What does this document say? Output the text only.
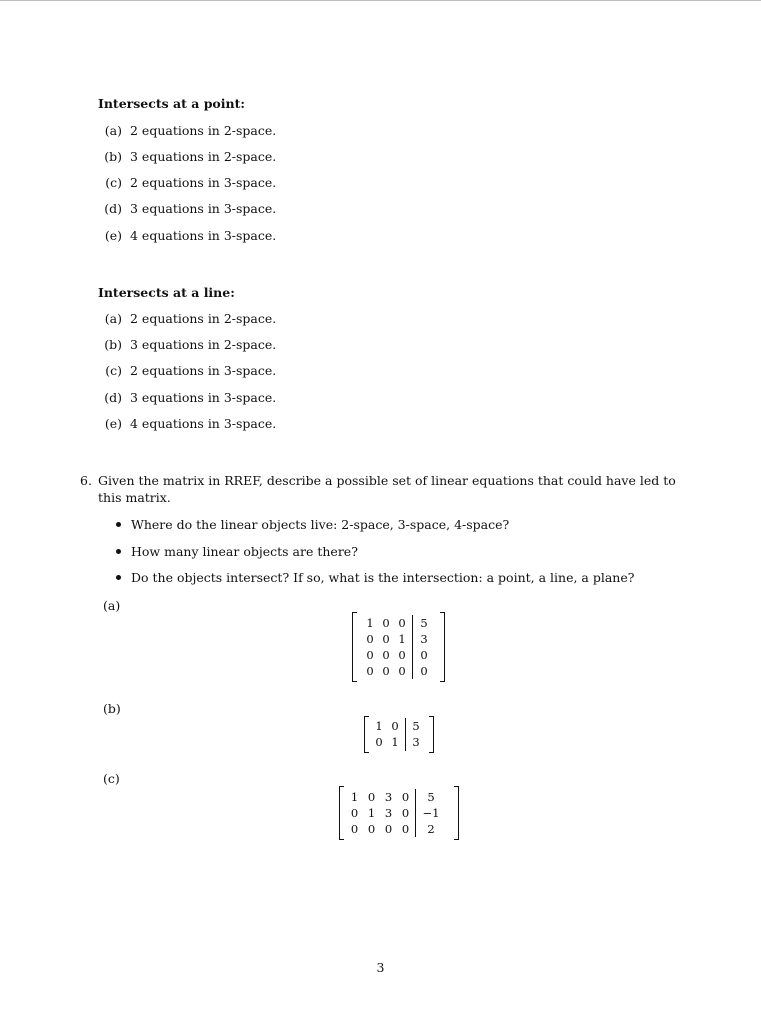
Intersects at a point:
(a) 2 equations in 2-space.
(b) 3 equations in 2-space.
(c) 2 equations in 3-space.
(d) 3 equations in 3-space.
(e) 4 equations in 3-space.
Intersects at a line:
(a) 2 equations in 2-space.
(b) 3 equations in 2-space.
(c) 2 equations in 3-space.
(d) 3 equations in 3-space.
(e) 4 equations in 3-space.
6. Given the matrix in RREF, describe a possible set of linear equations that could have led to
this matrix.
Where do the linear objects live: 2-space, 3-space, 4-space?
How many linear objects are there?
Do the objects intersect? If so, what is the intersection: a point, a line, a plane?
(a)
1 0 0	5
0 0 1	3
0 0 0	0
0 0 0	0
(b)
1 0	5
0 1	3
(c)
1 0 3 0	5
0 1 3 0	−1
0 0 0 0	2
3
